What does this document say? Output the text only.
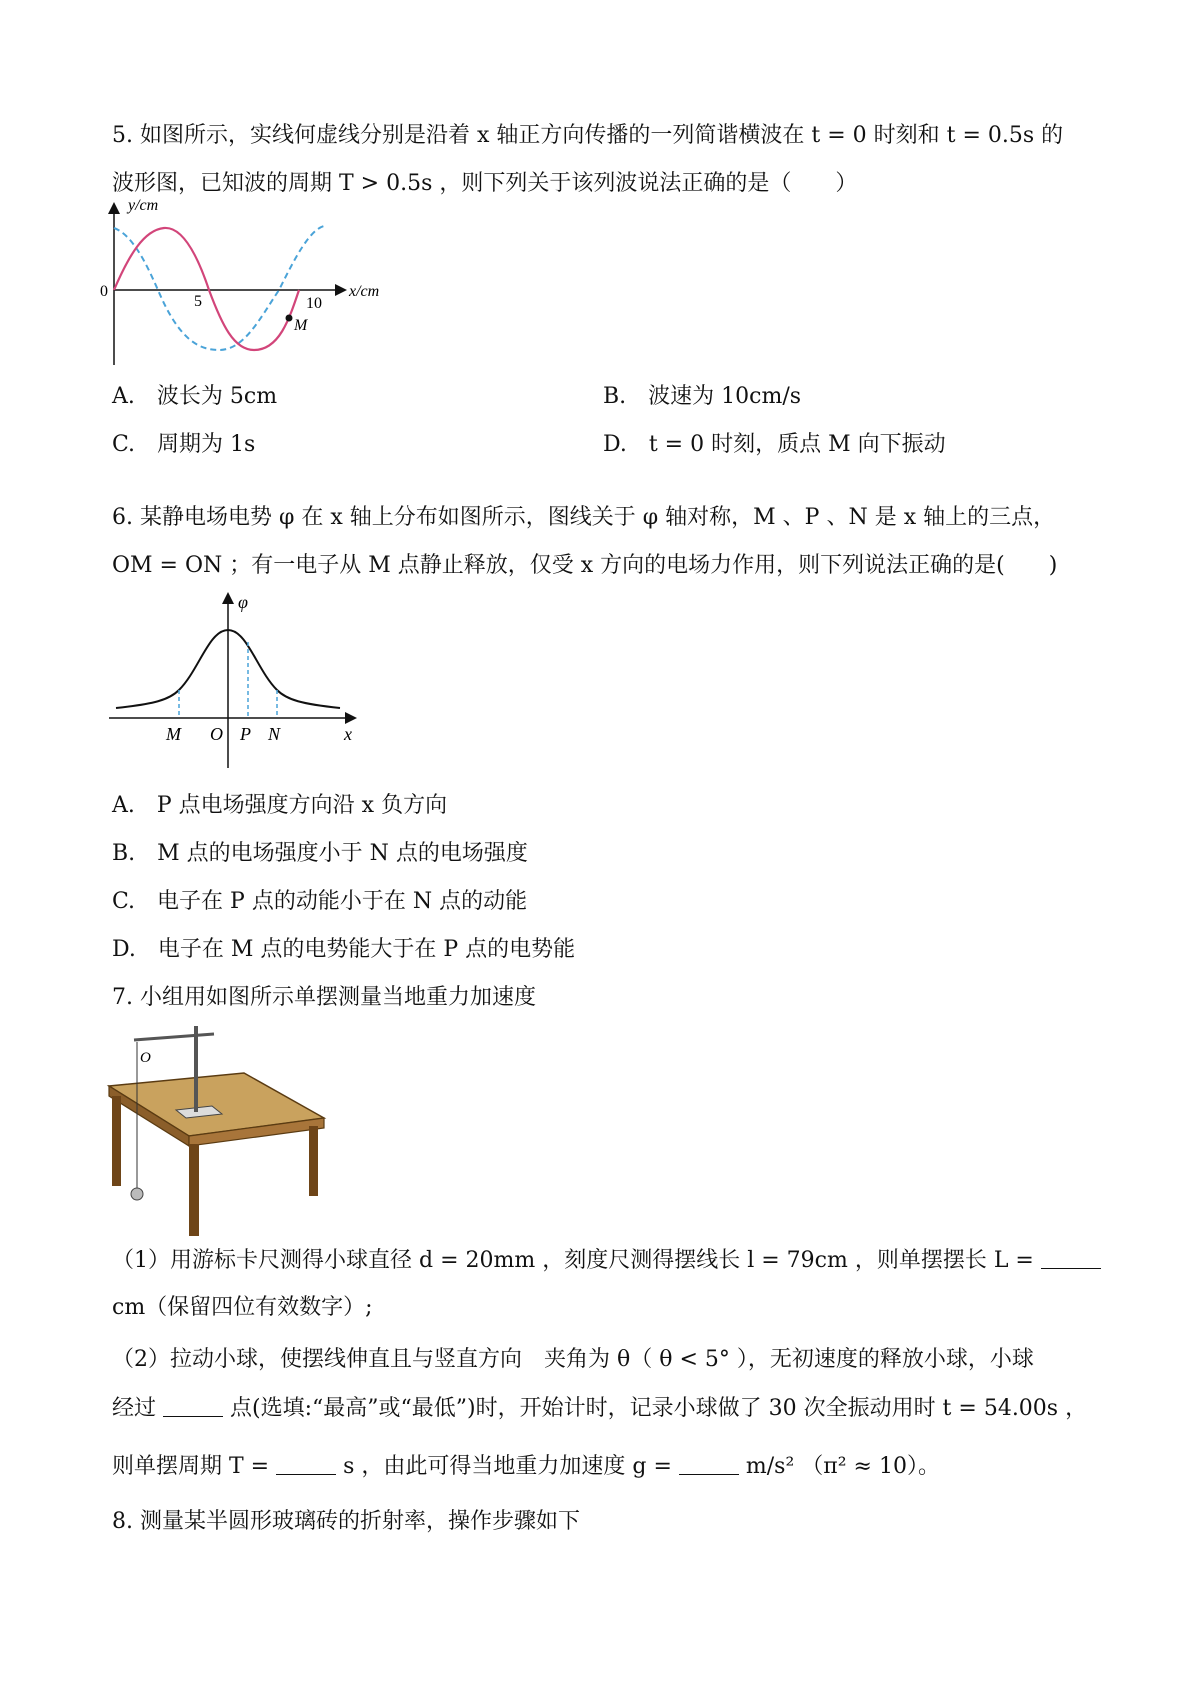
5. 如图所示，实线何虚线分别是沿着 x 轴正方向传播的一列简谐横波在 t = 0 时刻和 t = 0.5s 的
波形图，已知波的周期 T > 0.5s ，则下列关于该列波说法正确的是（　　）
y/cm
x/cm
0
5	10
M
A.　波长为 5cm	B.　波速为 10cm/s
C.　周期为 1s	D.　t = 0 时刻，质点 M 向下振动
6. 某静电场电势 φ 在 x 轴上分布如图所示，图线关于 φ 轴对称，M 、P 、N 是 x 轴上的三点，
OM = ON ；有一电子从 M 点静止释放，仅受 x 方向的电场力作用，则下列说法正确的是(　　)
φ
M O P N	x
A.　P 点电场强度方向沿 x 负方向
B.　M 点的电场强度小于 N 点的电场强度
C.　电子在 P 点的动能小于在 N 点的动能
D.　电子在 M 点的电势能大于在 P 点的电势能
7. 小组用如图所示单摆测量当地重力加速度
O
（1）用游标卡尺测得小球直径 d = 20mm ，刻度尺测得摆线长 l = 79cm ，则单摆摆长 L =
cm（保留四位有效数字）;
（2）拉动小球，使摆线伸直且与竖直方向　夹角为 θ（ θ < 5° ），无初速度的释放小球，小球
经过	点(选填:“最高”或“最低”)时，开始计时，记录小球做了 30 次全振动用时 t = 54.00s ，
则单摆周期 T =	s ，由此可得当地重力加速度 g =	m/s² （π² ≈ 10）。
8. 测量某半圆形玻璃砖的折射率，操作步骤如下
